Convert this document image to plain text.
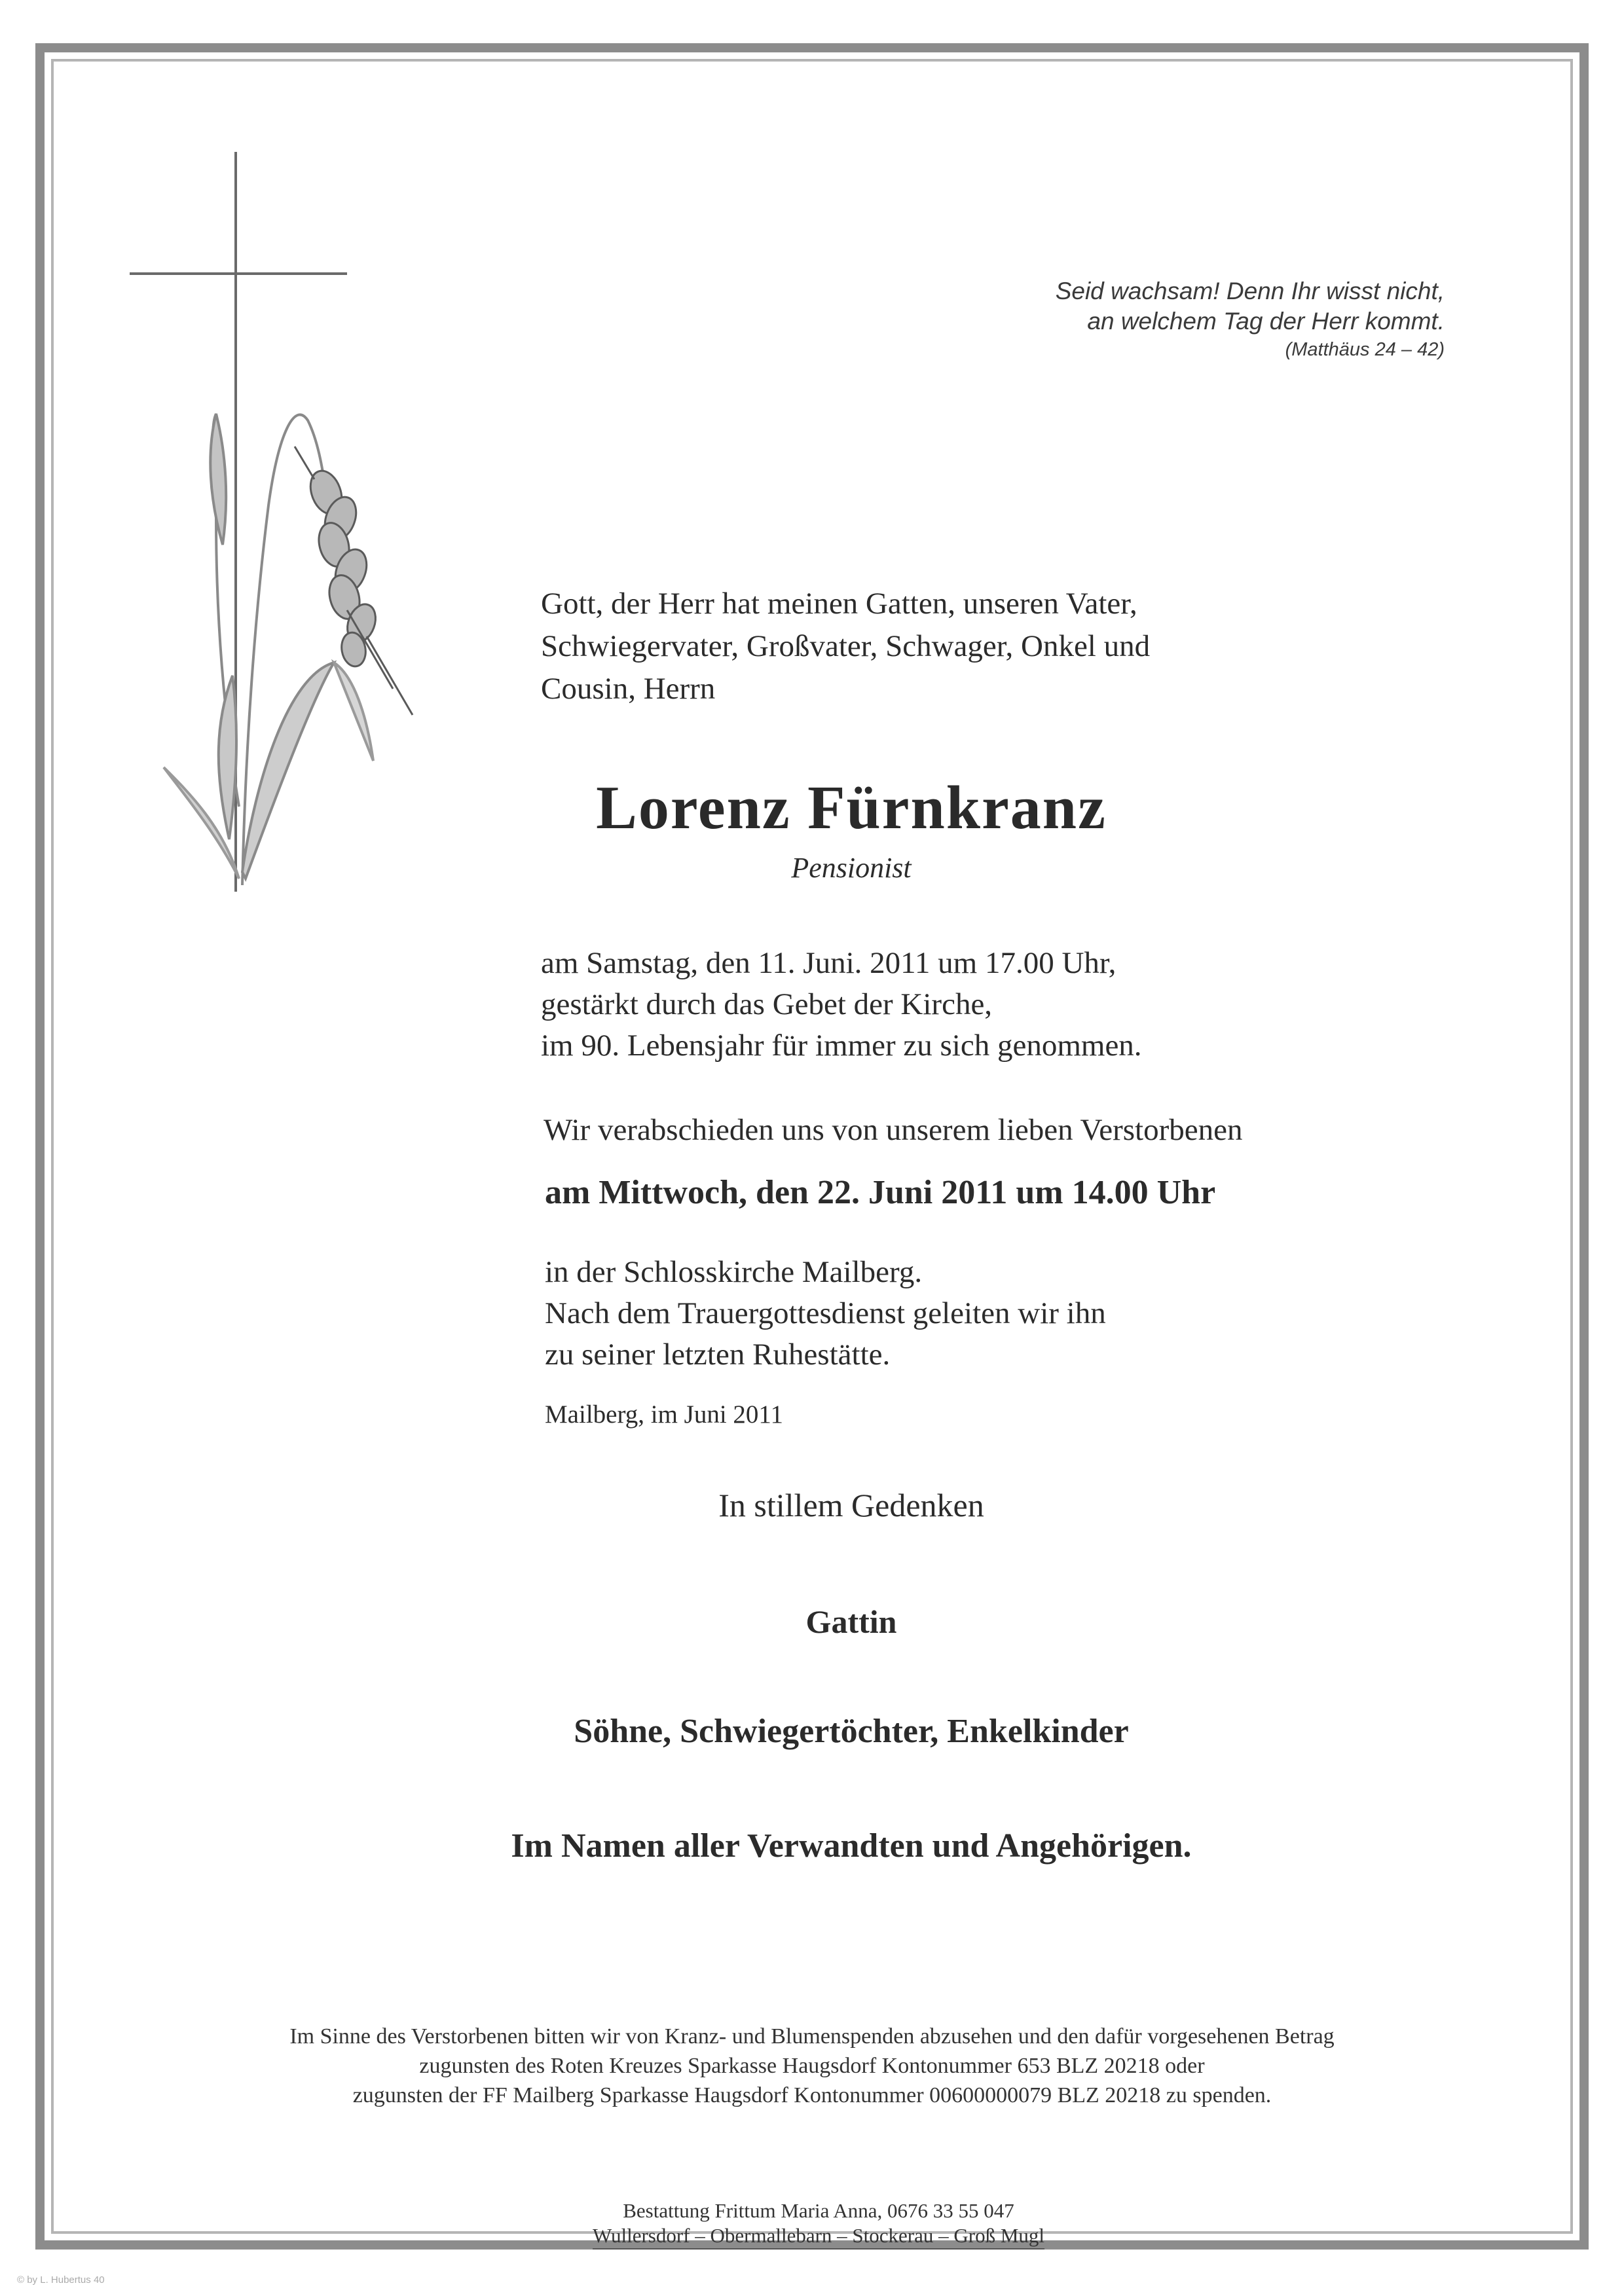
Seid wachsam! Denn Ihr wisst nicht,
an welchem Tag der Herr kommt.
(Matthäus 24 – 42)
Gott, der Herr hat meinen Gatten, unseren Vater,
Schwiegervater, Großvater, Schwager, Onkel und
Cousin, Herrn
Lorenz Fürnkranz
Pensionist
am Samstag, den 11. Juni. 2011 um 17.00 Uhr,
gestärkt durch das Gebet der Kirche,
im 90. Lebensjahr für immer zu sich genommen.
Wir verabschieden uns von unserem lieben Verstorbenen
am Mittwoch, den 22. Juni 2011 um 14.00 Uhr
in der Schlosskirche Mailberg.
Nach dem Trauergottesdienst geleiten wir ihn
zu seiner letzten Ruhestätte.
Mailberg, im Juni 2011
In stillem Gedenken
Gattin
Söhne, Schwiegertöchter, Enkelkinder
Im Namen aller Verwandten und Angehörigen.
Im Sinne des Verstorbenen bitten wir von Kranz- und Blumenspenden abzusehen und den dafür vorgesehenen Betrag
zugunsten des Roten Kreuzes Sparkasse Haugsdorf Kontonummer 653 BLZ 20218 oder
zugunsten der FF Mailberg Sparkasse Haugsdorf Kontonummer 00600000079 BLZ 20218 zu spenden.
Bestattung Frittum Maria Anna, 0676 33 55 047
Wullersdorf – Obermallebarn – Stockerau – Groß Mugl
© by L. Hubertus 40
